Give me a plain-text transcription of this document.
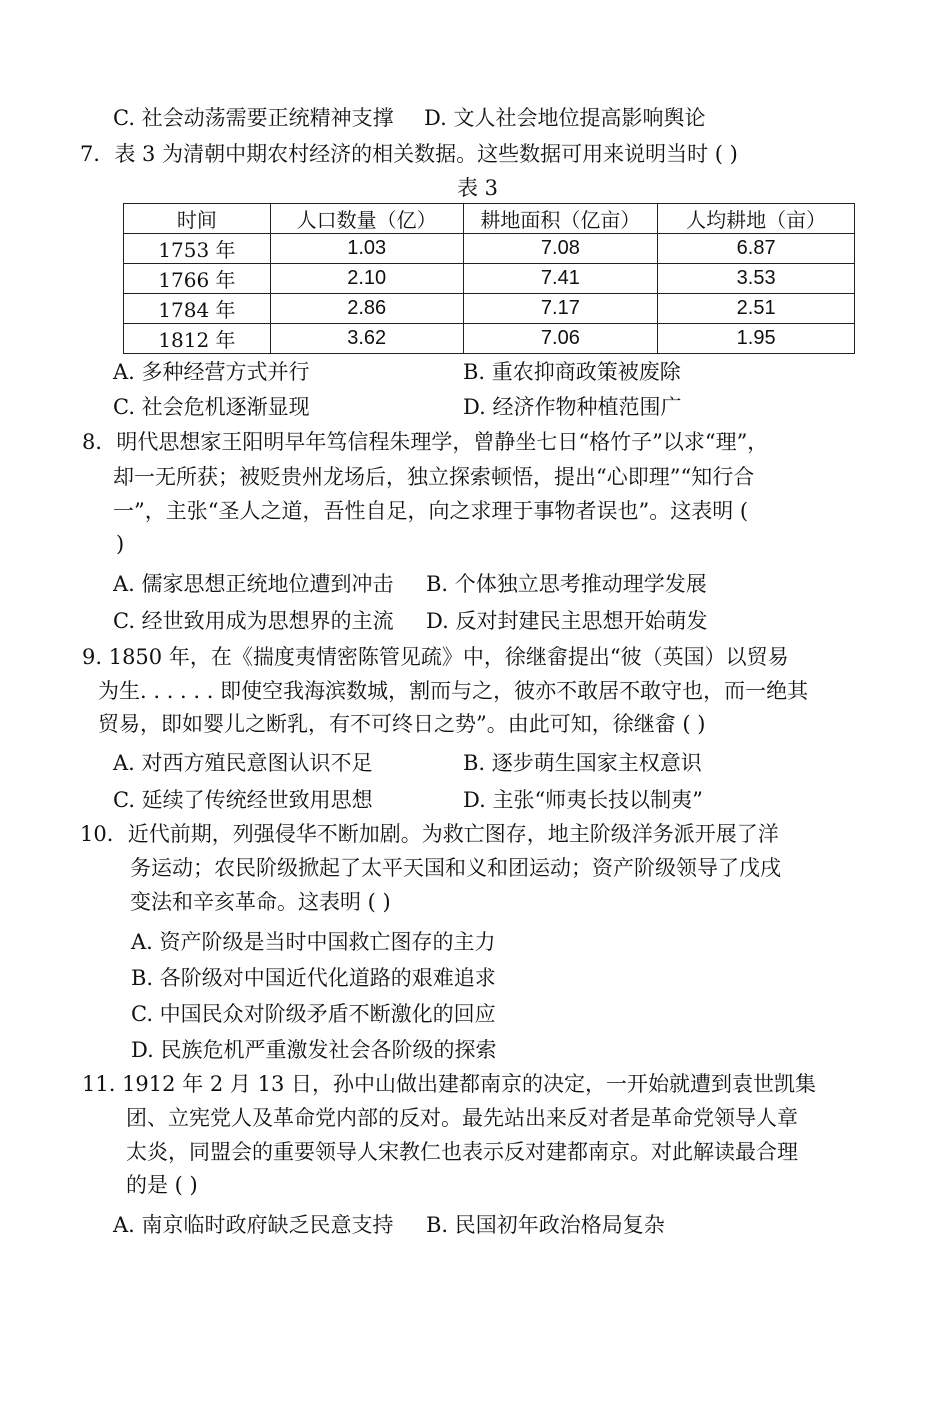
C. 社会动荡需要正统精神支撑 D. 文人社会地位提高影响舆论
7．表 3 为清朝中期农村经济的相关数据。这些数据可用来说明当时 ( )
表 3
时间	人口数量（亿）	耕地面积（亿亩）	人均耕地（亩）
1753 年	1.03	7.08	6.87
1766 年	2.10	7.41	3.53
1784 年	2.86	7.17	2.51
1812 年	3.62	7.06	1.95
A. 多种经营方式并行	B. 重农抑商政策被废除
C. 社会危机逐渐显现	D. 经济作物种植范围广
8．明代思想家王阳明早年笃信程朱理学，曾静坐七日“格竹子”以求“理”，
却一无所获；被贬贵州龙场后，独立探索顿悟，提出“心即理”“知行合
一”，主张“圣人之道，吾性自足，向之求理于事物者误也”。这表明 (
)
A. 儒家思想正统地位遭到冲击 B. 个体独立思考推动理学发展
C. 经世致用成为思想界的主流 D. 反对封建民主思想开始萌发
9. 1850 年，在《揣度夷情密陈管见疏》中，徐继畲提出“彼（英国）以贸易
为生. . . . . . 即使空我海滨数城，割而与之，彼亦不敢居不敢守也，而一绝其
贸易，即如婴儿之断乳，有不可终日之势”。由此可知，徐继畲 ( )
A. 对西方殖民意图认识不足	B. 逐步萌生国家主权意识
C. 延续了传统经世致用思想	D. 主张“师夷长技以制夷”
10．近代前期，列强侵华不断加剧。为救亡图存，地主阶级洋务派开展了洋
务运动；农民阶级掀起了太平天国和义和团运动；资产阶级领导了戊戌
变法和辛亥革命。这表明 ( )
A. 资产阶级是当时中国救亡图存的主力
B. 各阶级对中国近代化道路的艰难追求
C. 中国民众对阶级矛盾不断激化的回应
D. 民族危机严重激发社会各阶级的探索
11. 1912 年 2 月 13 日，孙中山做出建都南京的决定，一开始就遭到袁世凯集
团、立宪党人及革命党内部的反对。最先站出来反对者是革命党领导人章
太炎，同盟会的重要领导人宋教仁也表示反对建都南京。对此解读最合理
的是 ( )
A. 南京临时政府缺乏民意支持 B. 民国初年政治格局复杂
